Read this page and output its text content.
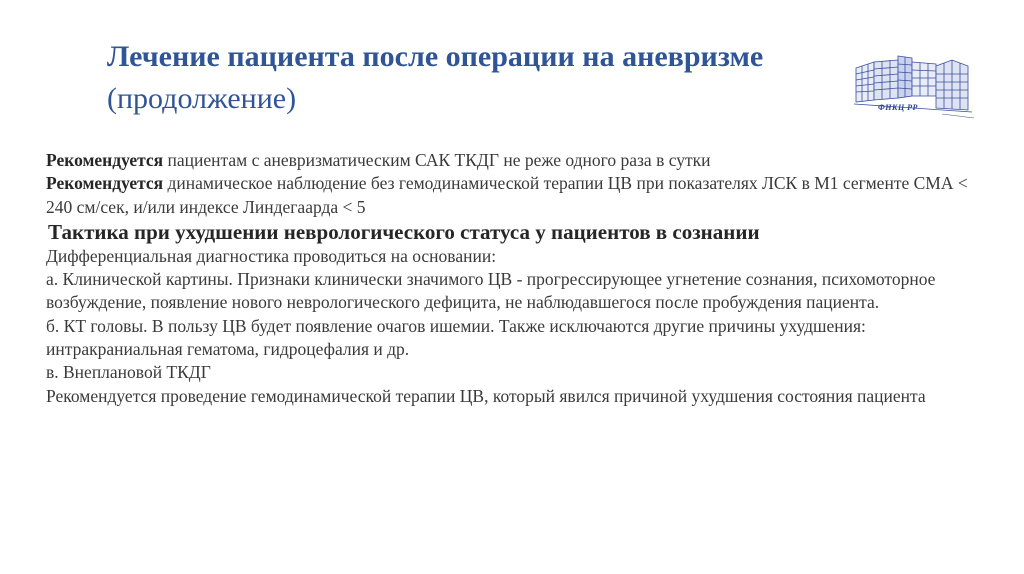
Лечение пациента после операции на аневризме (продолжение)	ФНКЦ РР

Рекомендуется пациентам с аневризматическим САК ТКДГ не реже одного раза в сутки

Рекомендуется динамическое наблюдение без гемодинамической терапии ЦВ при показателях ЛСК в M1 сегменте СМА < 240 см/сек, и/или индексе Линдегаарда < 5

Тактика при ухудшении неврологического статуса у пациентов в сознании

Дифференциальная диагностика проводиться на основании:

а. Клинической картины. Признаки клинически значимого ЦВ - прогрессирующее угнетение сознания, психомоторное возбуждение, появление нового неврологического дефицита, не наблюдавшегося после пробуждения пациента.

б. КТ головы. В пользу ЦВ будет появление очагов ишемии. Также исключаются другие причины ухудшения: интракраниальная гематома, гидроцефалия и др.

в. Внеплановой ТКДГ

Рекомендуется проведение гемодинамической терапии ЦВ, который явился причиной ухудшения состояния пациента
